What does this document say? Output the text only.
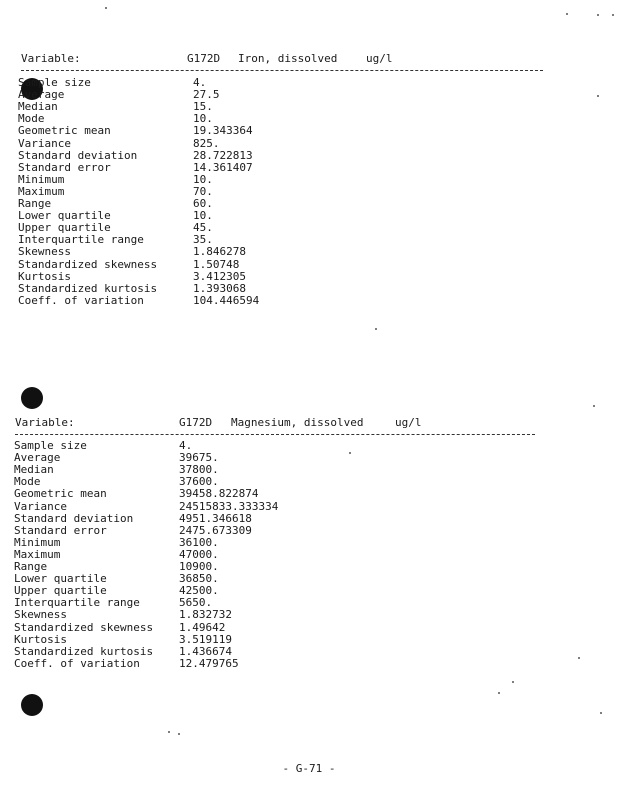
Variable:

	G172D

Iron, dissolved

	ug/l

Sample size	4.
Average	27.5
Median	15.
Mode	10.
Geometric mean	19.343364
Variance	825.
Standard deviation	28.722813
Standard error	14.361407
Minimum	10.
Maximum	70.
Range	60.
Lower quartile	10.
Upper quartile	45.
Interquartile range	35.
Skewness	1.846278
Standardized skewness	1.50748
Kurtosis	3.412305
Standardized kurtosis	1.393068
Coeff. of variation	104.446594

Variable:

	G172D

Magnesium, dissolved

	ug/l

Sample size	4.
Average	39675.
Median	37800.
Mode	37600.
Geometric mean	39458.822874
Variance	24515833.333334
Standard deviation	4951.346618
Standard error	2475.673309
Minimum	36100.
Maximum	47000.
Range	10900.
Lower quartile	36850.
Upper quartile	42500.
Interquartile range	5650.
Skewness	1.832732
Standardized skewness 1.49642
Kurtosis	3.519119
Standardized kurtosis 1.436674
Coeff. of variation	12.479765
- G-71 -
